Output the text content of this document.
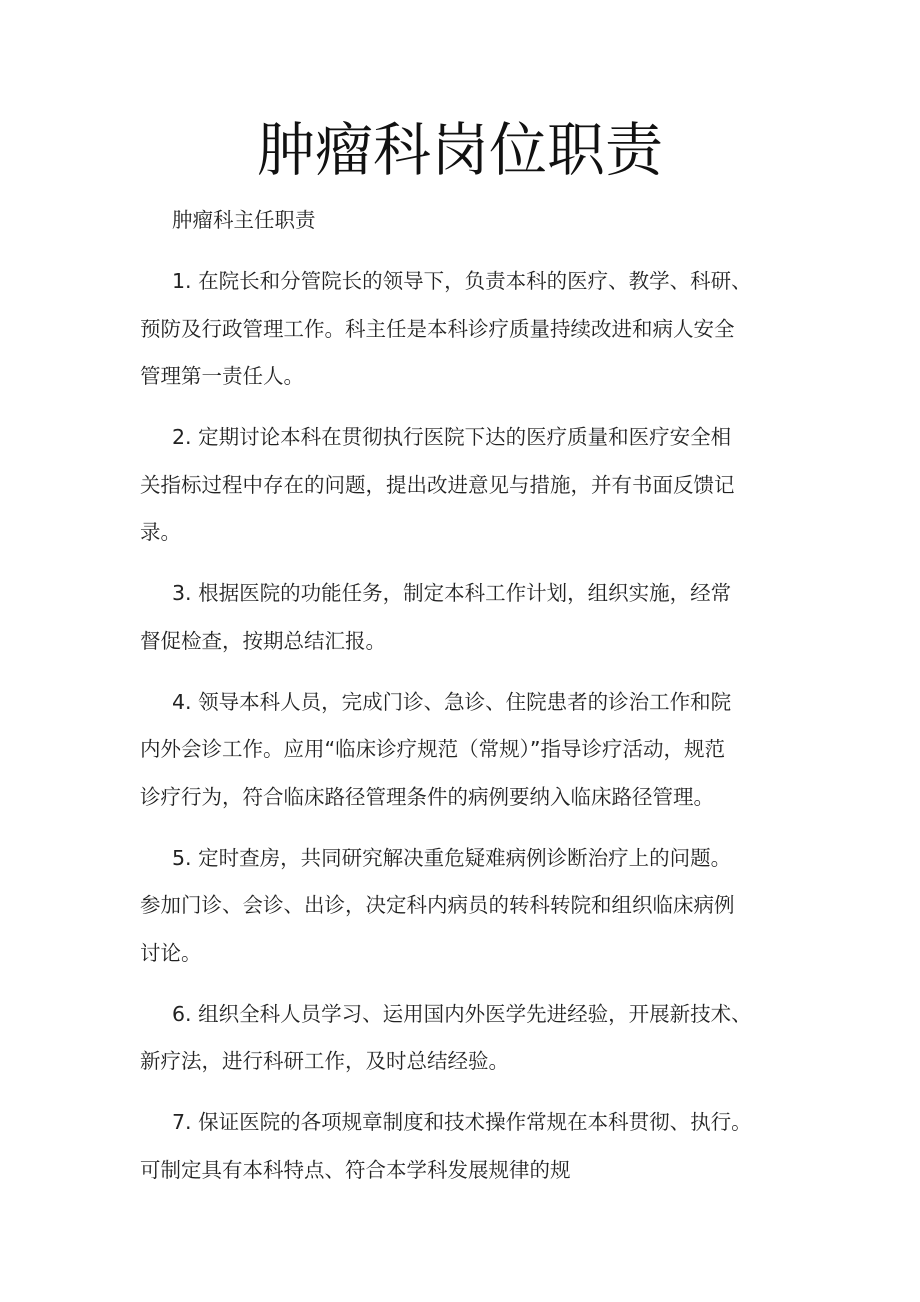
肿瘤科岗位职责
肿瘤科主任职责
1. 在院长和分管院长的领导下，负责本科的医疗、教学、科研、
预防及行政管理工作。科主任是本科诊疗质量持续改进和病人安全
管理第一责任人。
2. 定期讨论本科在贯彻执行医院下达的医疗质量和医疗安全相
关指标过程中存在的问题，提出改进意见与措施，并有书面反馈记
录。
3. 根据医院的功能任务，制定本科工作计划，组织实施，经常
督促检查，按期总结汇报。
4. 领导本科人员，完成门诊、急诊、住院患者的诊治工作和院
内外会诊工作。应用“临床诊疗规范（常规）”指导诊疗活动，规范
诊疗行为，符合临床路径管理条件的病例要纳入临床路径管理。
5. 定时查房，共同研究解决重危疑难病例诊断治疗上的问题。
参加门诊、会诊、出诊，决定科内病员的转科转院和组织临床病例
讨论。
6. 组织全科人员学习、运用国内外医学先进经验，开展新技术、
新疗法，进行科研工作，及时总结经验。
7. 保证医院的各项规章制度和技术操作常规在本科贯彻、执行。
可制定具有本科特点、符合本学科发展规律的规
